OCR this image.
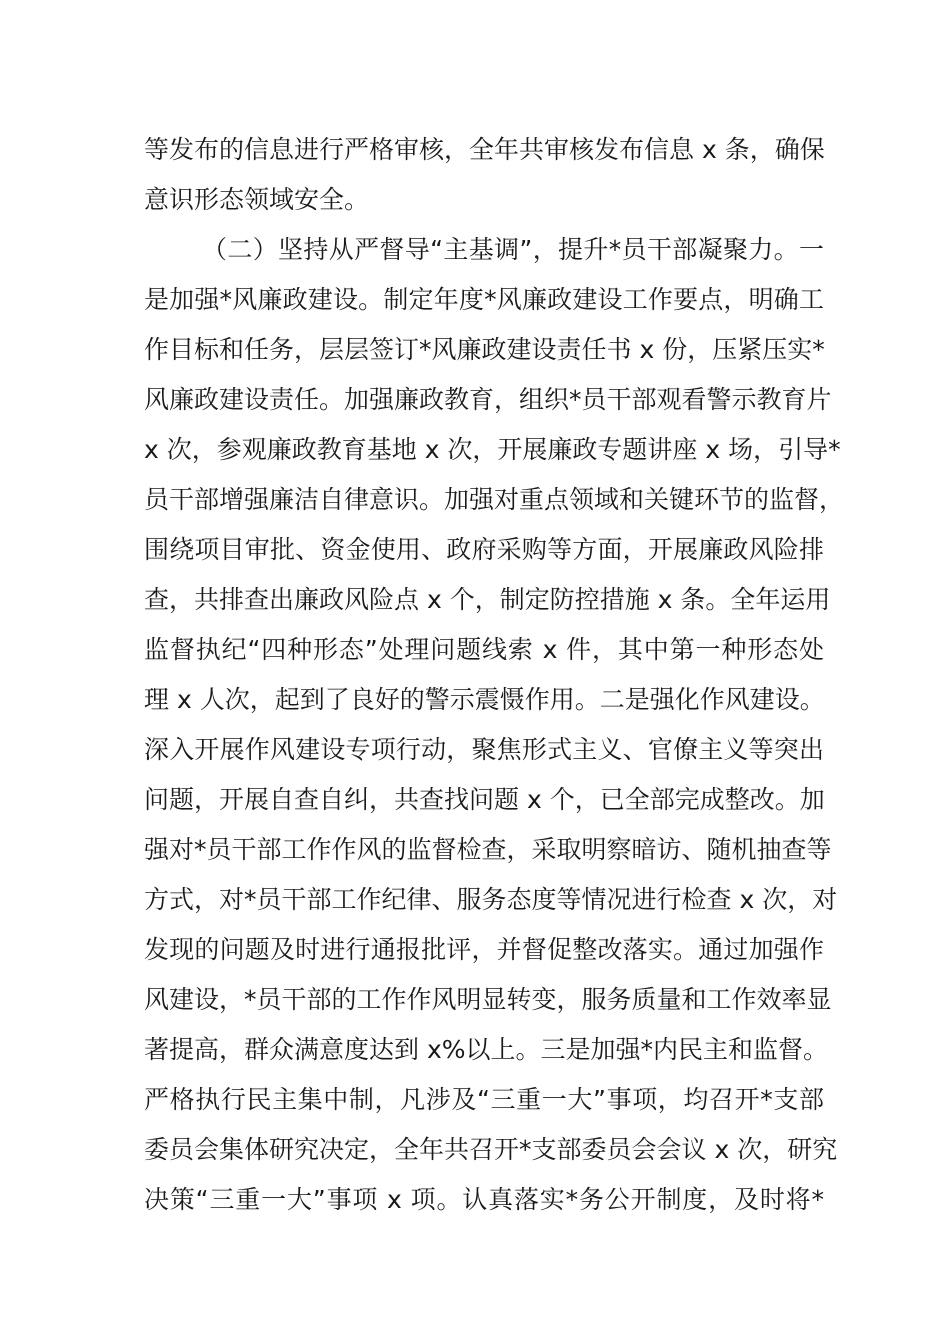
等发布的信息进行严格审核，全年共审核发布信息 x 条，确保
意识形态领域安全。
（二）坚持从严督导“主基调”，提升*员干部凝聚力。一
是加强*风廉政建设。制定年度*风廉政建设工作要点，明确工
作目标和任务，层层签订*风廉政建设责任书 x 份，压紧压实*
风廉政建设责任。加强廉政教育，组织*员干部观看警示教育片
x 次，参观廉政教育基地 x 次，开展廉政专题讲座 x 场，引导*
员干部增强廉洁自律意识。加强对重点领域和关键环节的监督，
围绕项目审批、资金使用、政府采购等方面，开展廉政风险排
查，共排查出廉政风险点 x 个，制定防控措施 x 条。全年运用
监督执纪“四种形态”处理问题线索 x 件，其中第一种形态处
理 x 人次，起到了良好的警示震慑作用。二是强化作风建设。
深入开展作风建设专项行动，聚焦形式主义、官僚主义等突出
问题，开展自查自纠，共查找问题 x 个，已全部完成整改。加
强对*员干部工作作风的监督检查，采取明察暗访、随机抽查等
方式，对*员干部工作纪律、服务态度等情况进行检查 x 次，对
发现的问题及时进行通报批评，并督促整改落实。通过加强作
风建设，*员干部的工作作风明显转变，服务质量和工作效率显
著提高，群众满意度达到 x%以上。三是加强*内民主和监督。
严格执行民主集中制，凡涉及“三重一大”事项，均召开*支部
委员会集体研究决定，全年共召开*支部委员会会议 x 次，研究
决策“三重一大”事项 x 项。认真落实*务公开制度，及时将*
